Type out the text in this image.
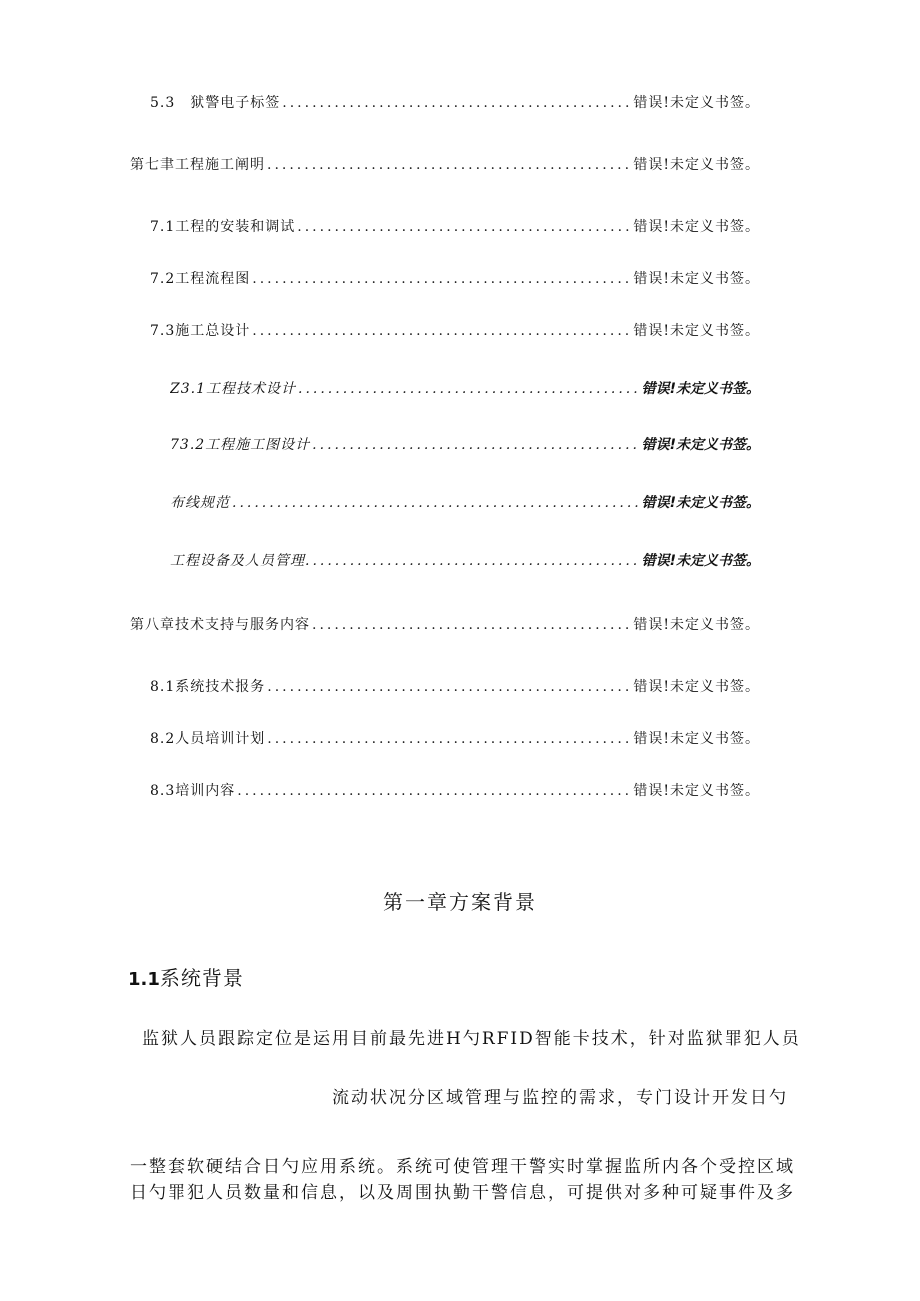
5.3　狱警电子标签 .....	错误!未定义书签。
第七聿工程施工阐明 .....	错误!未定义书签。
7.1工程的安装和调试 .....	错误!未定义书签。
7.2工程流程图 .....	错误!未定义书签。
7.3施工总设计 .....	错误!未定义书签。
Z3.1工程技术设计 .....	错误!未定义书签。
73.2工程施工图设计 .....	错误!未定义书签。
布线规范 .....	错误!未定义书签。
工程设备及人员管理. .....	错误!未定义书签。
第八章技术支持与服务内容 .....	错误!未定义书签。
8.1系统技术报务 .....	错误!未定义书签。
8.2人员培训计划 .....	错误!未定义书签。
8.3培训内容 .....	错误!未定义书签。
第一章方案背景
1.1系统背景
监狱人员跟踪定位是运用目前最先进H勺RFID智能卡技术，针对监狱罪犯人员
流动状况分区域管理与监控的需求，专门设计开发日勺
一整套软硬结合日勺应用系统。系统可使管理干警实时掌握监所内各个受控区域
日勺罪犯人员数量和信息，以及周围执勤干警信息，可提供对多种可疑事件及多
